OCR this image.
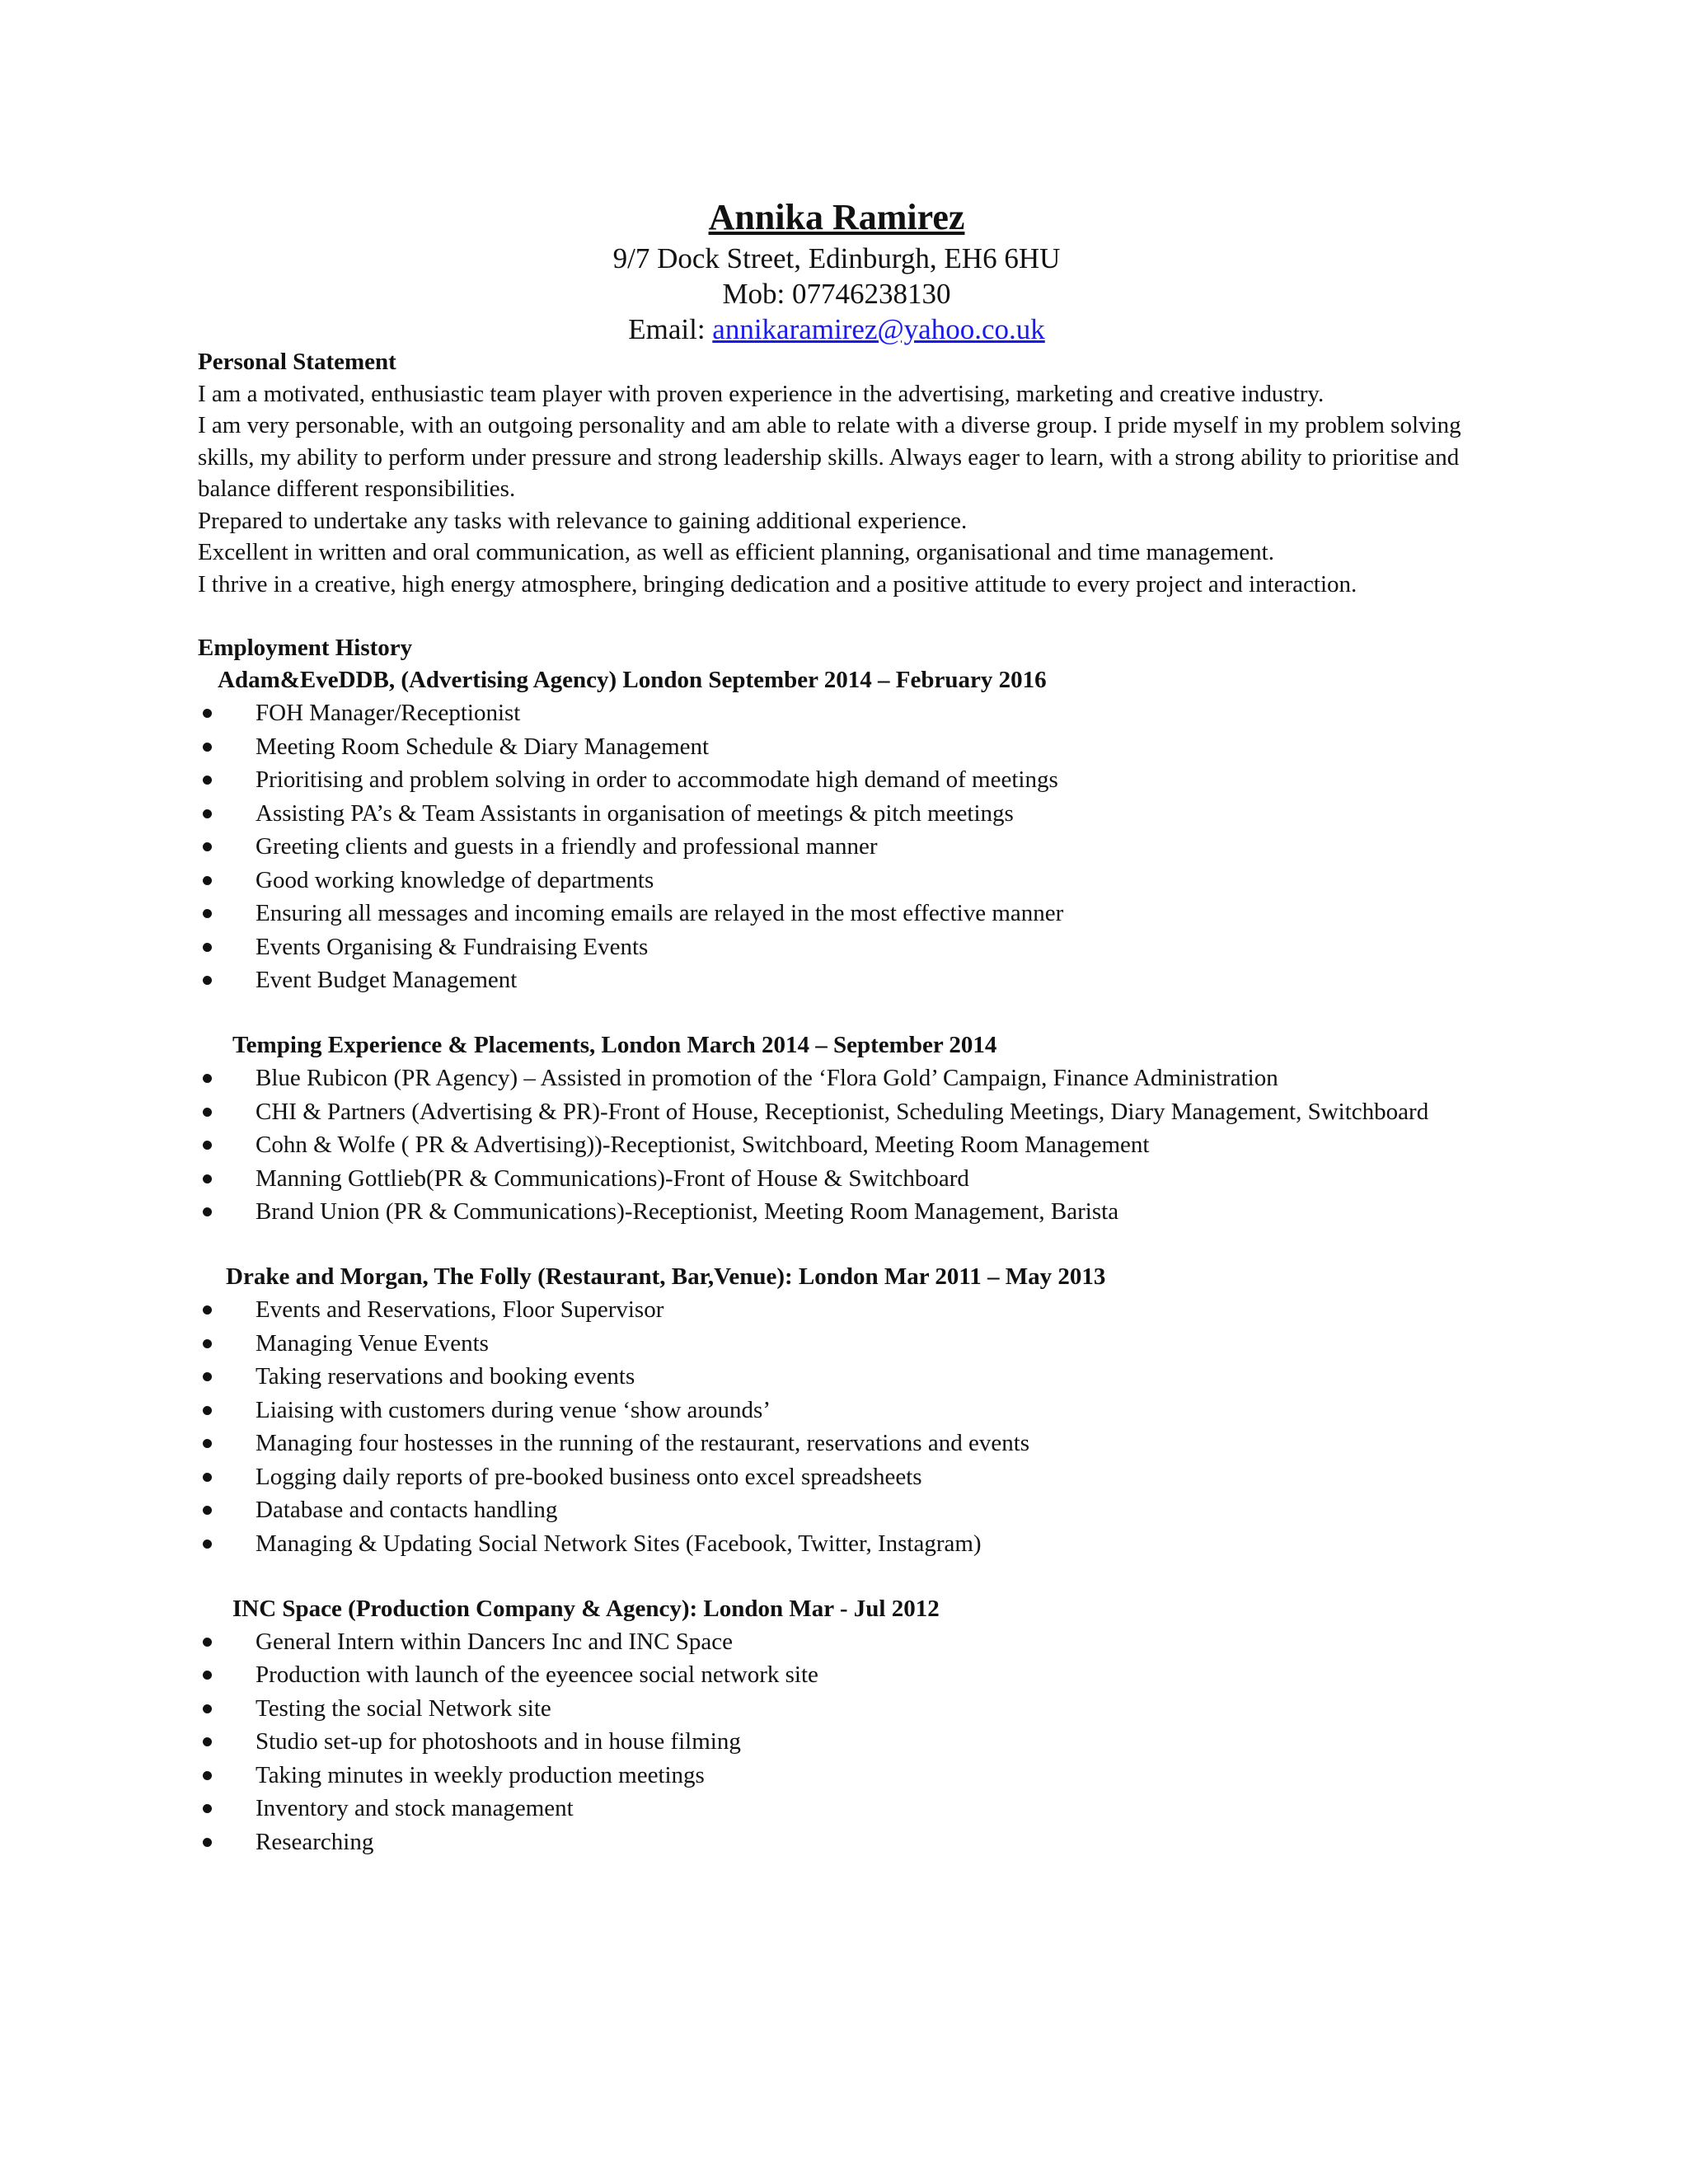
Annika Ramirez
9/7 Dock Street, Edinburgh, EH6 6HU
Mob: 07746238130
Email: annikaramirez@yahoo.co.uk
Personal Statement

I am a motivated, enthusiastic team player with proven experience in the advertising, marketing and creative industry.

I am very personable, with an outgoing personality and am able to relate with a diverse group. I pride myself in my problem solving skills, my ability to perform under pressure and strong leadership skills. Always eager to learn, with a strong ability to prioritise and balance different responsibilities.

Prepared to undertake any tasks with relevance to gaining additional experience.

Excellent in written and oral communication, as well as efficient planning, organisational and time management.

I thrive in a creative, high energy atmosphere, bringing dedication and a positive attitude to every project and interaction.

Employment History
Adam&EveDDB, (Advertising Agency) London September 2014 – February 2016
FOH Manager/Receptionist
Meeting Room Schedule & Diary Management
Prioritising and problem solving in order to accommodate high demand of meetings
Assisting PA’s & Team Assistants in organisation of meetings & pitch meetings
Greeting clients and guests in a friendly and professional manner
Good working knowledge of departments
Ensuring all messages and incoming emails are relayed in the most effective manner
Events Organising & Fundraising Events
Event Budget Management
Temping Experience & Placements, London March 2014 – September 2014
Blue Rubicon (PR Agency) – Assisted in promotion of the ‘Flora Gold’ Campaign, Finance Administration
CHI & Partners (Advertising & PR)-Front of House, Receptionist, Scheduling Meetings, Diary Management, Switchboard
Cohn & Wolfe ( PR & Advertising))-Receptionist, Switchboard, Meeting Room Management
Manning Gottlieb(PR & Communications)-Front of House & Switchboard
Brand Union (PR & Communications)-Receptionist, Meeting Room Management, Barista
Drake and Morgan, The Folly (Restaurant, Bar,Venue): London Mar 2011 – May 2013
Events and Reservations, Floor Supervisor
Managing Venue Events
Taking reservations and booking events
Liaising with customers during venue ‘show arounds’
Managing four hostesses in the running of the restaurant, reservations and events
Logging daily reports of pre-booked business onto excel spreadsheets
Database and contacts handling
Managing & Updating Social Network Sites (Facebook, Twitter, Instagram)
INC Space (Production Company & Agency): London Mar - Jul 2012
General Intern within Dancers Inc and INC Space
Production with launch of the eyeencee social network site
Testing the social Network site
Studio set-up for photoshoots and in house filming
Taking minutes in weekly production meetings
Inventory and stock management
Researching
